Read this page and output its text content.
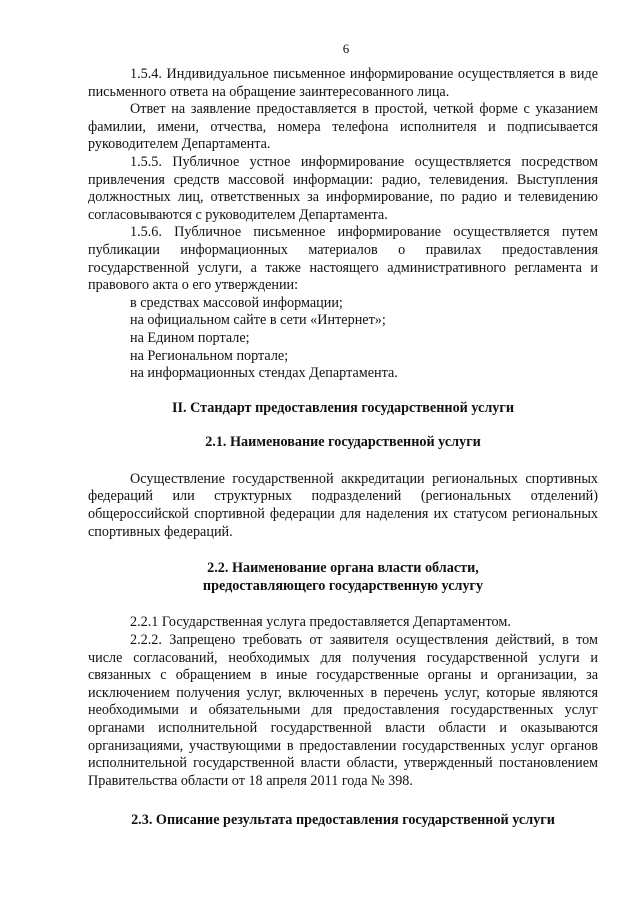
6

1.5.4. Индивидуальное письменное информирование осуществляется в виде письменного ответа на обращение заинтересованного лица.

Ответ на заявление предоставляется в простой, четкой форме с указанием фамилии, имени, отчества, номера телефона исполнителя и подписывается руководителем Департамента.

1.5.5. Публичное устное информирование осуществляется посредством привлечения средств массовой информации: радио, телевидения. Выступления должностных лиц, ответственных за информирование, по радио и телевидению согласовываются с руководителем Департамента.

1.5.6. Публичное письменное информирование осуществляется путем публикации информационных материалов о правилах предоставления государственной услуги, а также настоящего административного регламента и правового акта о его утверждении:

в средствах массовой информации;

на официальном сайте в сети «Интернет»;

на Едином портале;

на Региональном портале;

на информационных стендах Департамента.

II. Стандарт предоставления государственной услуги

2.1. Наименование государственной услуги

Осуществление государственной аккредитации региональных спортивных федераций или структурных подразделений (региональных отделений) общероссийской спортивной федерации для наделения их статусом региональных спортивных федераций.

2.2. Наименование органа власти области,

предоставляющего государственную услугу

2.2.1 Государственная услуга предоставляется Департаментом.

2.2.2. Запрещено требовать от заявителя осуществления действий, в том числе согласований, необходимых для получения государственной услуги и связанных с обращением в иные государственные органы и организации, за исключением получения услуг, включенных в перечень услуг, которые являются необходимыми и обязательными для предоставления государственных услуг органами исполнительной государственной власти области и оказываются организациями, участвующими в предоставлении государственных услуг органов исполнительной государственной власти области, утвержденный постановлением Правительства области от 18 апреля 2011 года № 398.

2.3. Описание результата предоставления государственной услуги
